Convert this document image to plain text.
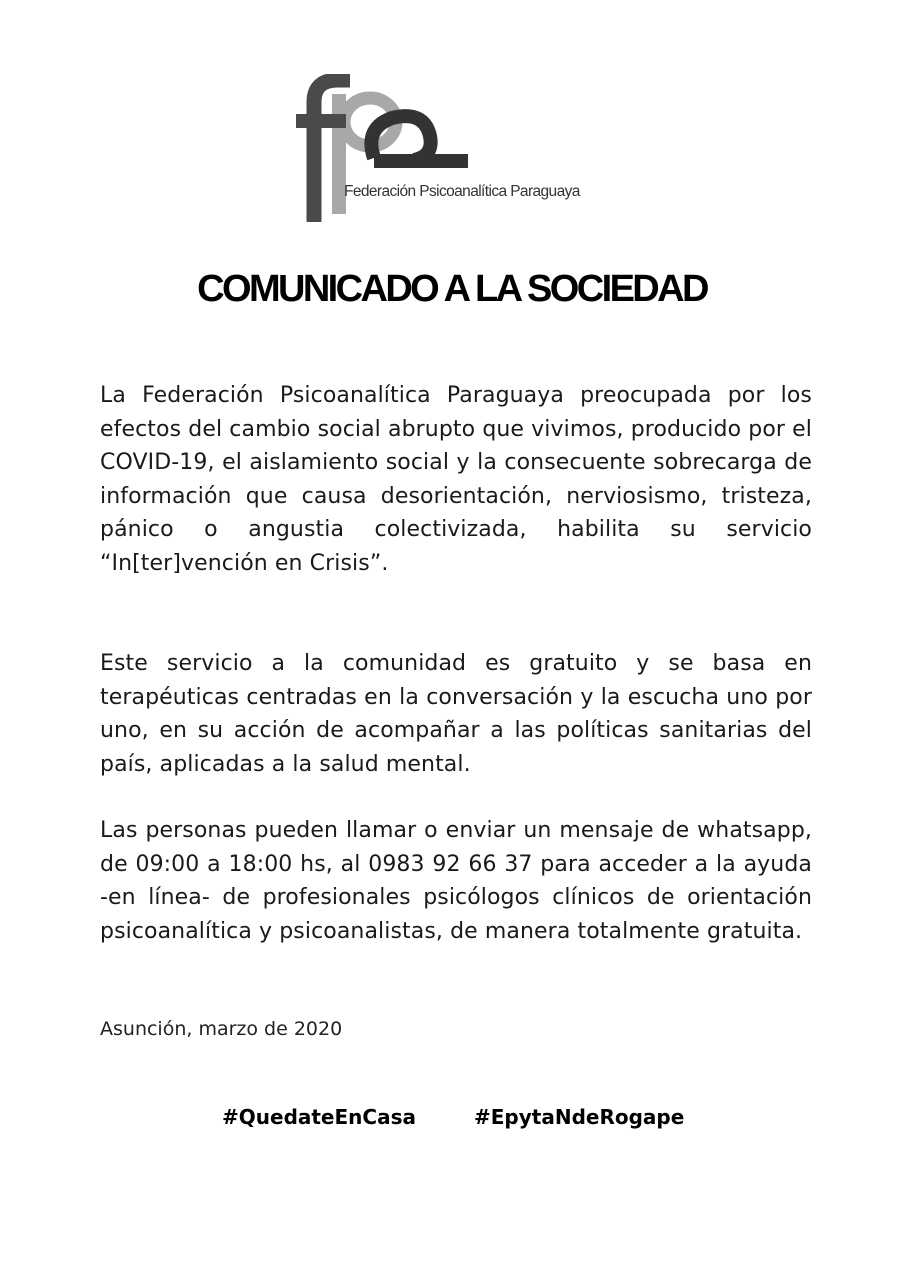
Federación Psicoanalítica Paraguaya
COMUNICADO A LA SOCIEDAD

La Federación Psicoanalítica Paraguaya preocupada por los efectos del cambio social abrupto que vivimos, producido por el COVID-19, el aislamiento social y la consecuente sobrecarga de información que causa desorientación, nerviosismo, tristeza, pánico o angustia colectivizada, habilita su servicio “In[ter]vención en Crisis”.

Este servicio a la comunidad es gratuito y se basa en terapéuticas centradas en la conversación y la escucha uno por uno, en su acción de acompañar a las políticas sanitarias del país, aplicadas a la salud mental.

Las personas pueden llamar o enviar un mensaje de whatsapp, de 09:00 a 18:00 hs, al 0983 92 66 37 para acceder a la ayuda -en línea- de profesionales psicólogos clínicos de orientación psicoanalítica y psicoanalistas, de manera totalmente gratuita.

Asunción, marzo de 2020

#QuedateEnCasa	#EpytaNdeRogape
